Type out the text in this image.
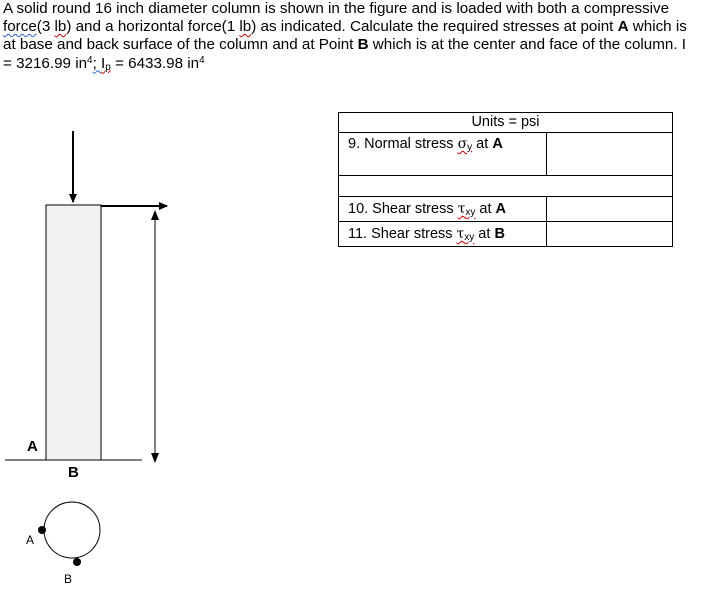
A solid round 16 inch diameter column is shown in the figure and is loaded with both a compressive force(3 lb) and a horizontal force(1 lb) as indicated. Calculate the required stresses at point A which is at base and back surface of the column and at Point B which is at the center and face of the column. I = 3216.99 $in^4$; $I_p = 6433.98$ $in^4$
Units = psi	
9. Normal stress $\sigma_y$ at A	

10. Shear stress $\tau_{xy}$ at A	
11. Shear stress $\tau_{xy}$ at B	
A
B
A
B
